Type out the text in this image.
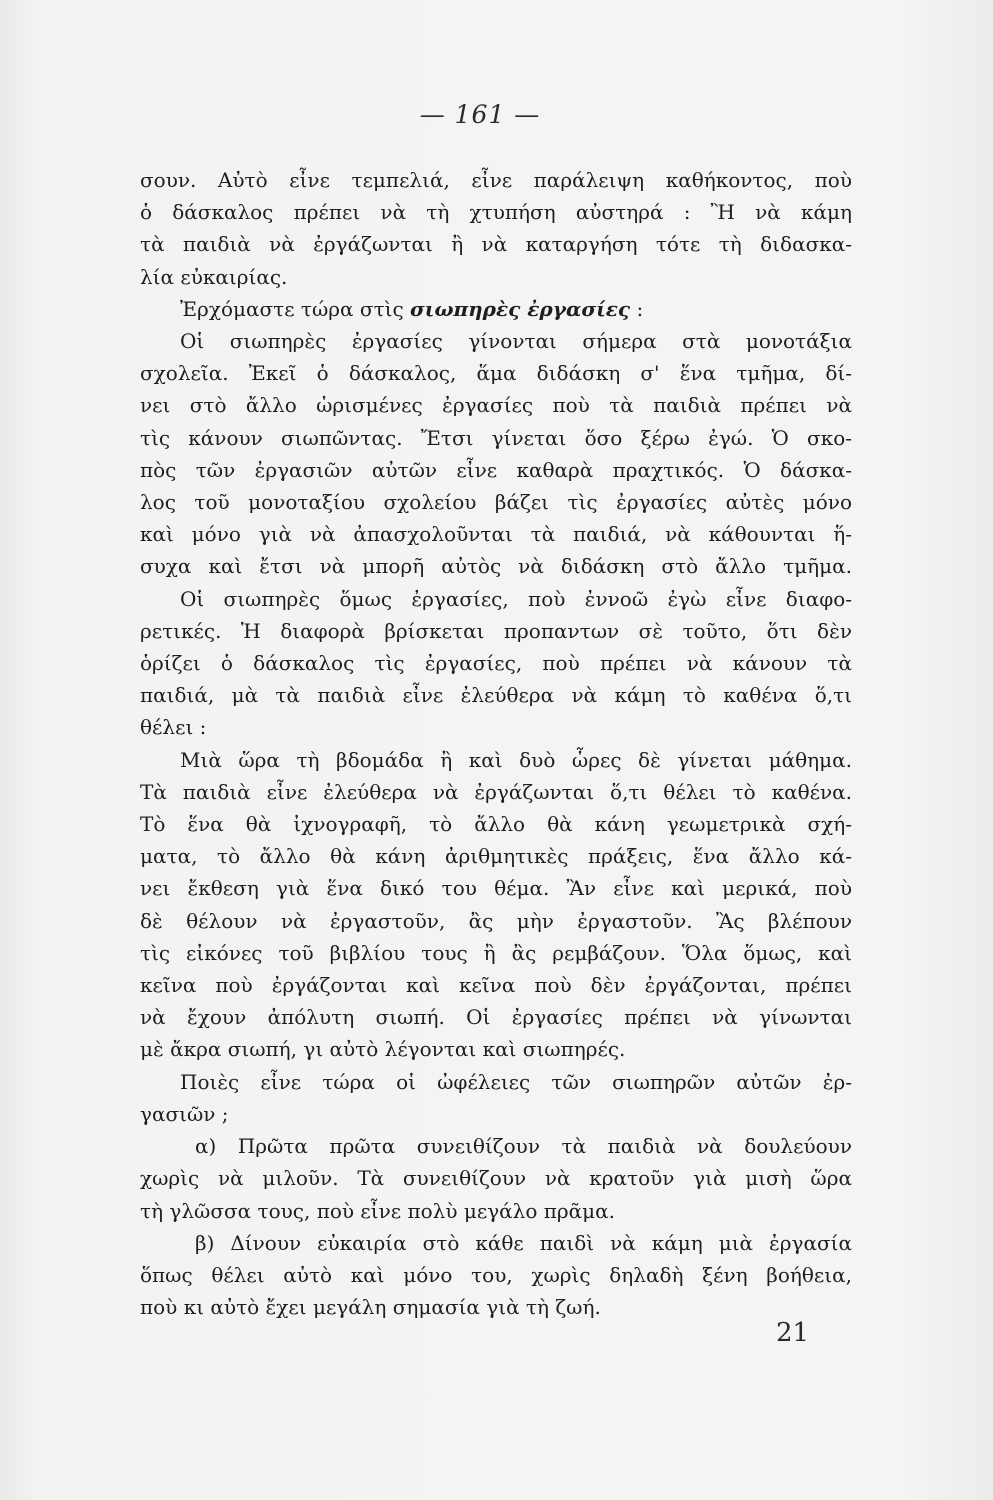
— 161 —
σουν. Αὐτὸ εἶνε τεμπελιά, εἶνε παράλειψη καθήκοντος, ποὺ
ὁ δάσκαλος πρέπει νὰ τὴ χτυπήση αὐστηρά : Ἢ νὰ κάμη
τὰ παιδιὰ νὰ ἐργάζωνται ἢ νὰ καταργήση τότε τὴ διδασκα-
λία εὐκαιρίας.
Ἐρχόμαστε τώρα στὶς σιωπηρὲς ἐργασίες :
Οἱ σιωπηρὲς ἐργασίες γίνονται σήμερα στὰ μονοτάξια
σχολεῖα. Ἐκεῖ ὁ δάσκαλος, ἅμα διδάσκη σ' ἕνα τμῆμα, δί-
νει στὸ ἄλλο ὡρισμένες ἐργασίες ποὺ τὰ παιδιὰ πρέπει νὰ
τὶς κάνουν σιωπῶντας. Ἔτσι γίνεται ὅσο ξέρω ἐγώ. Ὁ σκο-
πὸς τῶν ἐργασιῶν αὐτῶν εἶνε καθαρὰ πραχτικός. Ὁ δάσκα-
λος τοῦ μονοταξίου σχολείου βάζει τὶς ἐργασίες αὐτὲς μόνο
καὶ μόνο γιὰ νὰ ἀπασχολοῦνται τὰ παιδιά, νὰ κάθουνται ἥ-
συχα καὶ ἔτσι νὰ μπορῆ αὐτὸς νὰ διδάσκη στὸ ἄλλο τμῆμα.
Οἱ σιωπηρὲς ὅμως ἐργασίες, ποὺ ἐννοῶ ἐγὼ εἶνε διαφο-
ρετικές. Ἡ διαφορὰ βρίσκεται προπαντων σὲ τοῦτο, ὅτι δὲν
ὁρίζει ὁ δάσκαλος τὶς ἐργασίες, ποὺ πρέπει νὰ κάνουν τὰ
παιδιά, μὰ τὰ παιδιὰ εἶνε ἐλεύθερα νὰ κάμη τὸ καθένα ὅ,τι
θέλει :
Μιὰ ὥρα τὴ βδομάδα ἢ καὶ δυὸ ὧρες δὲ γίνεται μάθημα.
Τὰ παιδιὰ εἶνε ἐλεύθερα νὰ ἐργάζωνται ὅ,τι θέλει τὸ καθένα.
Τὸ ἕνα θὰ ἰχνογραφῆ, τὸ ἄλλο θὰ κάνη γεωμετρικὰ σχή-
ματα, τὸ ἄλλο θὰ κάνη ἀριθμητικὲς πράξεις, ἕνα ἄλλο κά-
νει ἔκθεση γιὰ ἕνα δικό του θέμα. Ἂν εἶνε καὶ μερικά, ποὺ
δὲ θέλουν νὰ ἐργαστοῦν, ἂς μὴν ἐργαστοῦν. Ἂς βλέπουν
τὶς εἰκόνες τοῦ βιβλίου τους ἢ ἂς ρεμβάζουν. Ὅλα ὅμως, καὶ
κεῖνα ποὺ ἐργάζονται καὶ κεῖνα ποὺ δὲν ἐργάζονται, πρέπει
νὰ ἔχουν ἀπόλυτη σιωπή. Οἱ ἐργασίες πρέπει νὰ γίνωνται
μὲ ἄκρα σιωπή, γι αὐτὸ λέγονται καὶ σιωπηρές.
Ποιὲς εἶνε τώρα οἱ ὠφέλειες τῶν σιωπηρῶν αὐτῶν ἐρ-
γασιῶν ;
α) Πρῶτα πρῶτα συνειθίζουν τὰ παιδιὰ νὰ δουλεύουν
χωρὶς νὰ μιλοῦν. Τὰ συνειθίζουν νὰ κρατοῦν γιὰ μισὴ ὥρα
τὴ γλῶσσα τους, ποὺ εἶνε πολὺ μεγάλο πρᾶμα.
β) Δίνουν εὐκαιρία στὸ κάθε παιδὶ νὰ κάμη μιὰ ἐργασία
ὅπως θέλει αὐτὸ καὶ μόνο του, χωρὶς δηλαδὴ ξένη βοήθεια,
ποὺ κι αὐτὸ ἔχει μεγάλη σημασία γιὰ τὴ ζωή.
21
